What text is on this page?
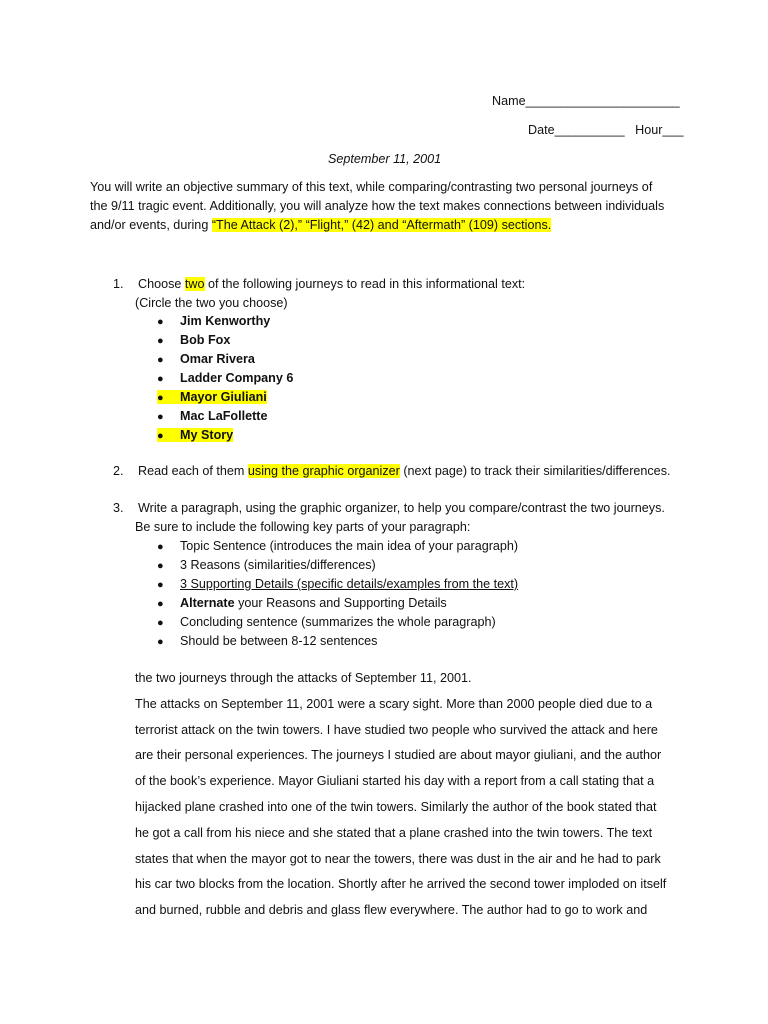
Name______________________
Date__________ Hour___
September 11, 2001
You will write an objective summary of this text, while comparing/contrasting two personal journeys of
the 9/11 tragic event. Additionally, you will analyze how the text makes connections between individuals
and/or events, during “The Attack (2),” “Flight,” (42) and “Aftermath” (109) sections.
1. Choose two of the following journeys to read in this informational text:
(Circle the two you choose)
● Jim Kenworthy
● Bob Fox
● Omar Rivera
● Ladder Company 6
● Mayor Giuliani
● Mac LaFollette
● My Story
2. Read each of them using the graphic organizer (next page) to track their similarities/differences.
3. Write a paragraph, using the graphic organizer, to help you compare/contrast the two journeys.
Be sure to include the following key parts of your paragraph:
● Topic Sentence (introduces the main idea of your paragraph)
● 3 Reasons (similarities/differences)
● 3 Supporting Details (specific details/examples from the text)
● Alternate your Reasons and Supporting Details
● Concluding sentence (summarizes the whole paragraph)
● Should be between 8-12 sentences
the two journeys through the attacks of September 11, 2001.
The attacks on September 11, 2001 were a scary sight. More than 2000 people died due to a
terrorist attack on the twin towers. I have studied two people who survived the attack and here
are their personal experiences. The journeys I studied are about mayor giuliani, and the author
of the book’s experience. Mayor Giuliani started his day with a report from a call stating that a
hijacked plane crashed into one of the twin towers. Similarly the author of the book stated that
he got a call from his niece and she stated that a plane crashed into the twin towers. The text
states that when the mayor got to near the towers, there was dust in the air and he had to park
his car two blocks from the location. Shortly after he arrived the second tower imploded on itself
and burned, rubble and debris and glass flew everywhere. The author had to go to work and
